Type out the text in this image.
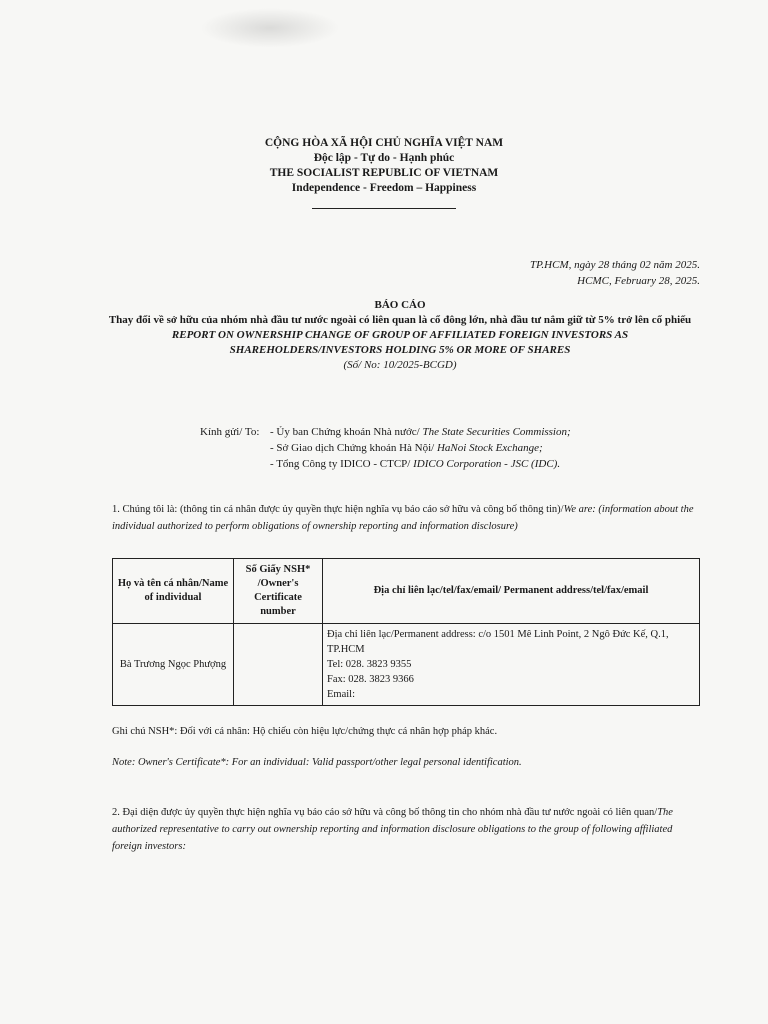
CỘNG HÒA XÃ HỘI CHỦ NGHĨA VIỆT NAM
Độc lập - Tự do - Hạnh phúc
THE SOCIALIST REPUBLIC OF VIETNAM
Independence - Freedom – Happiness
TP.HCM, ngày 28 tháng 02 năm 2025.
HCMC, February 28, 2025.
BÁO CÁO
Thay đổi về sở hữu của nhóm nhà đầu tư nước ngoài có liên quan là cổ đông lớn, nhà đầu tư nắm giữ từ 5% trở lên cổ phiếu
REPORT ON OWNERSHIP CHANGE OF GROUP OF AFFILIATED FOREIGN INVESTORS AS SHAREHOLDERS/INVESTORS HOLDING 5% OR MORE OF SHARES
(Số/ No: 10/2025-BCGD)
Kính gửi/ To: - Ủy ban Chứng khoán Nhà nước/ The State Securities Commission;
- Sở Giao dịch Chứng khoán Hà Nội/ HaNoi Stock Exchange;
- Tổng Công ty IDICO - CTCP/ IDICO Corporation - JSC (IDC).
1. Chúng tôi là: (thông tin cá nhân được ủy quyền thực hiện nghĩa vụ báo cáo sở hữu và công bố thông tin)/We are: (information about the individual authorized to perform obligations of ownership reporting and information disclosure)
Họ và tên cá nhân/Name of individual	Số Giấy NSH* /Owner's Certificate number	Địa chỉ liên lạc/tel/fax/email/ Permanent address/tel/fax/email
Bà Trương Ngọc Phượng		Địa chỉ liên lạc/Permanent address: c/o 1501 Mê Linh Point, 2 Ngô Đức Kế, Q.1, TP.HCM
Tel: 028. 3823 9355
Fax: 028. 3823 9366
Email:
Ghi chú NSH*: Đối với cá nhân: Hộ chiếu còn hiệu lực/chứng thực cá nhân hợp pháp khác.
Note: Owner's Certificate*: For an individual: Valid passport/other legal personal identification.
2. Đại diện được ủy quyền thực hiện nghĩa vụ báo cáo sở hữu và công bố thông tin cho nhóm nhà đầu tư nước ngoài có liên quan/The authorized representative to carry out ownership reporting and information disclosure obligations to the group of following affiliated foreign investors:
